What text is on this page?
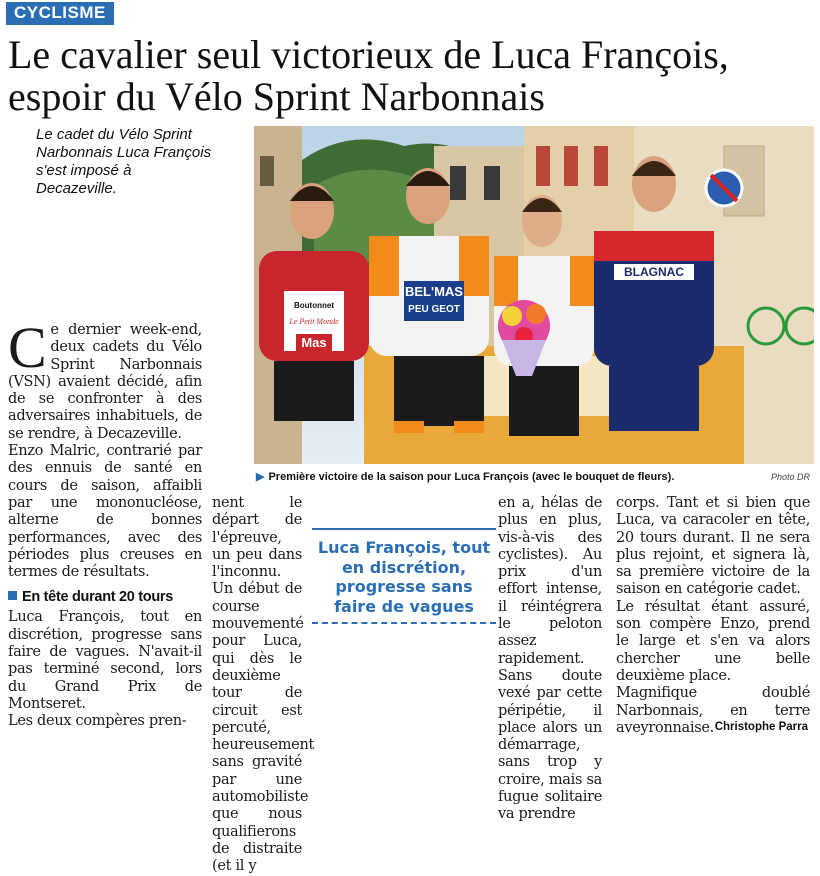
CYCLISME
Le cavalier seul victorieux de Luca François, espoir du Vélo Sprint Narbonnais
Le cadet du Vélo Sprint Narbonnais Luca François s'est imposé à Decazeville.
Boutonnet
Le Petit Monde
Mas
BEL'MAS
PEU GEOT
BLAGNAC
▶ Première victoire de la saison pour Luca François (avec le bouquet de fleurs).	Photo DR

Ce dernier week-end, deux cadets du Vélo Sprint Narbonnais (VSN) avaient décidé, afin de se confronter à des adversaires inhabituels, de se rendre, à Decazeville.

Enzo Malric, contrarié par des ennuis de santé en cours de saison, affaibli par une mononucléose, alterne de bonnes performances, avec des périodes plus creuses en termes de résultats.

En tête durant 20 tours

Luca François, tout en discrétion, progresse sans faire de vagues. N'avait-il pas terminé second, lors du Grand Prix de Montseret.

Les deux compères pren-

nent le départ de l'épreuve, un peu dans l'inconnu. Un début de course mouvementé pour Luca, qui dès le deuxième tour de circuit est percuté, heureusement sans gravité par une automobiliste que nous qualifierons de distraite (et il y

en a, hélas de plus en plus, vis-à-vis des cyclistes). Au prix d'un effort intense, il réintégrera le peloton assez rapidement. Sans doute vexé par cette péripétie, il place alors un démarrage, sans trop y croire, mais sa fugue solitaire va prendre

corps. Tant et si bien que Luca, va caracoler en tête, 20 tours durant. Il ne sera plus rejoint, et signera là, sa première victoire de la saison en catégorie cadet.

Le résultat étant assuré, son compère Enzo, prend le large et s'en va alors chercher une belle deuxième place.

Magnifique doublé Narbonnais, en terre aveyronnaise.

Luca François, tout en discrétion, progresse sans faire de vagues
Christophe Parra
